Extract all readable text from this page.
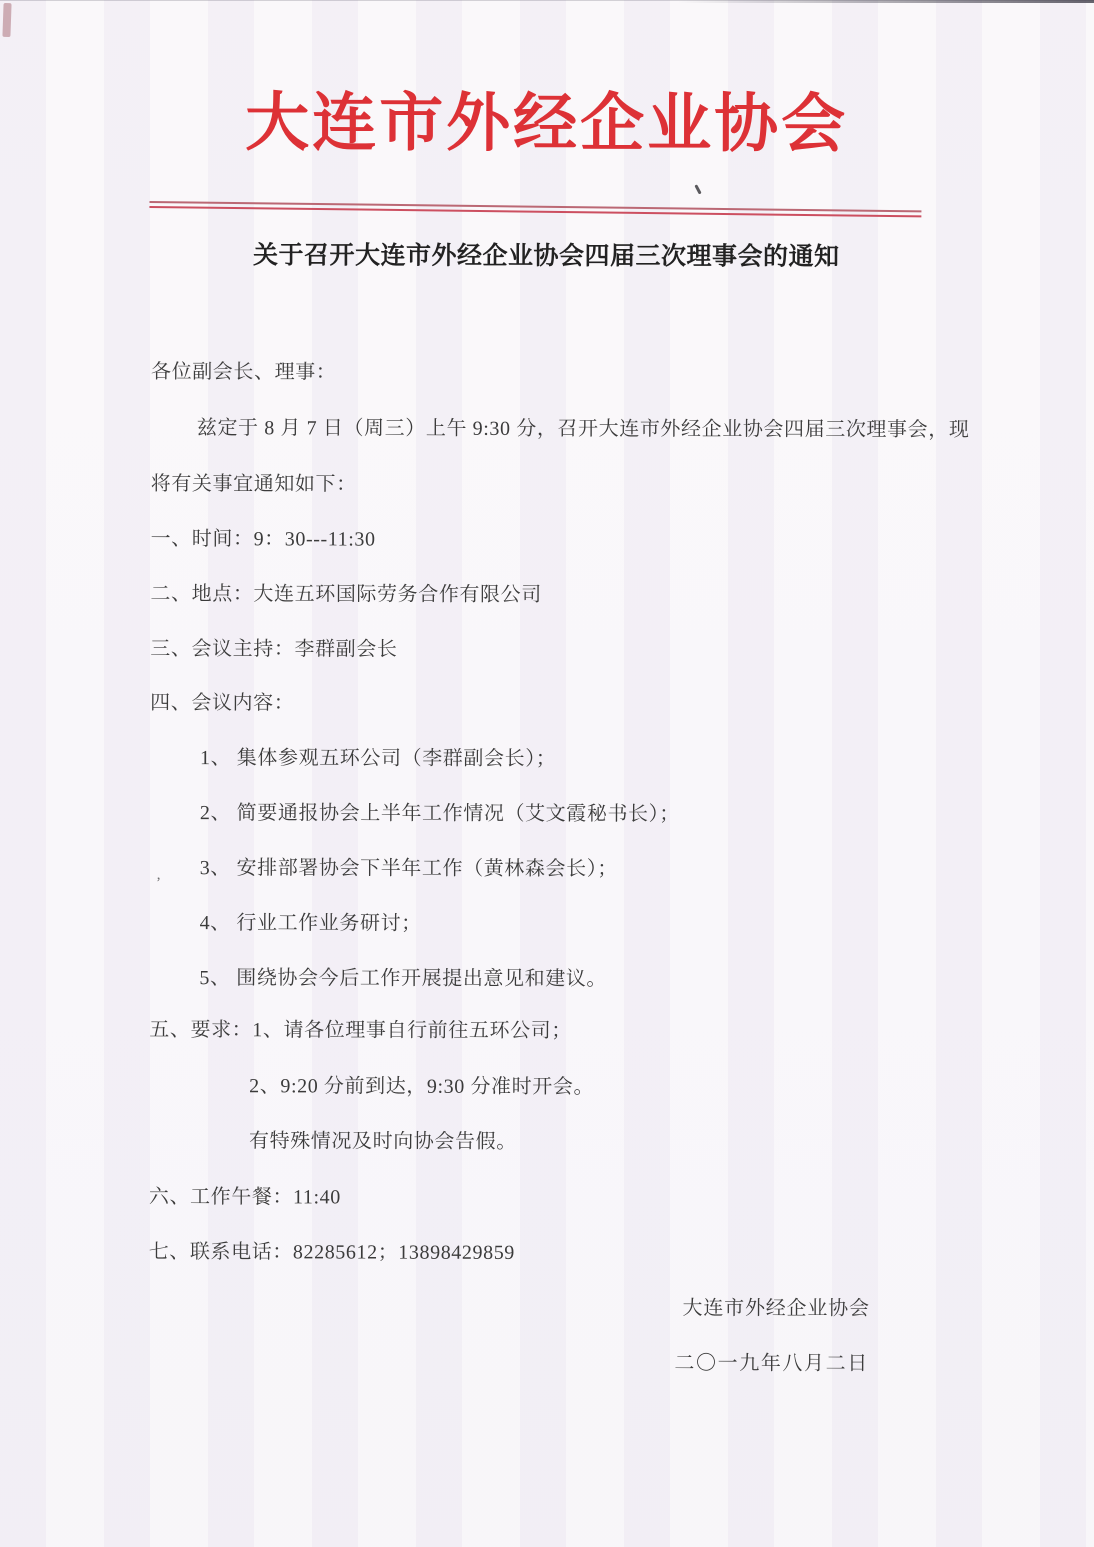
大连市外经企业协会
关于召开大连市外经企业协会四届三次理事会的通知
各位副会长、理事：
兹定于 8 月 7 日（周三）上午 9:30 分，召开大连市外经企业协会四届三次理事会，现
将有关事宜通知如下：
一、时间：9：30---11:30
二、地点：大连五环国际劳务合作有限公司
三、会议主持：李群副会长
四、会议内容：
1、 集体参观五环公司（李群副会长）；
2、 简要通报协会上半年工作情况（艾文霞秘书长）；
, 3、 安排部署协会下半年工作（黄林森会长）；
4、 行业工作业务研讨；
5、 围绕协会今后工作开展提出意见和建议。
五、要求：1、请各位理事自行前往五环公司；
2、9:20 分前到达，9:30 分准时开会。
有特殊情况及时向协会告假。
六、工作午餐：11:40
七、联系电话：82285612；13898429859
大连市外经企业协会
二〇一九年八月二日
